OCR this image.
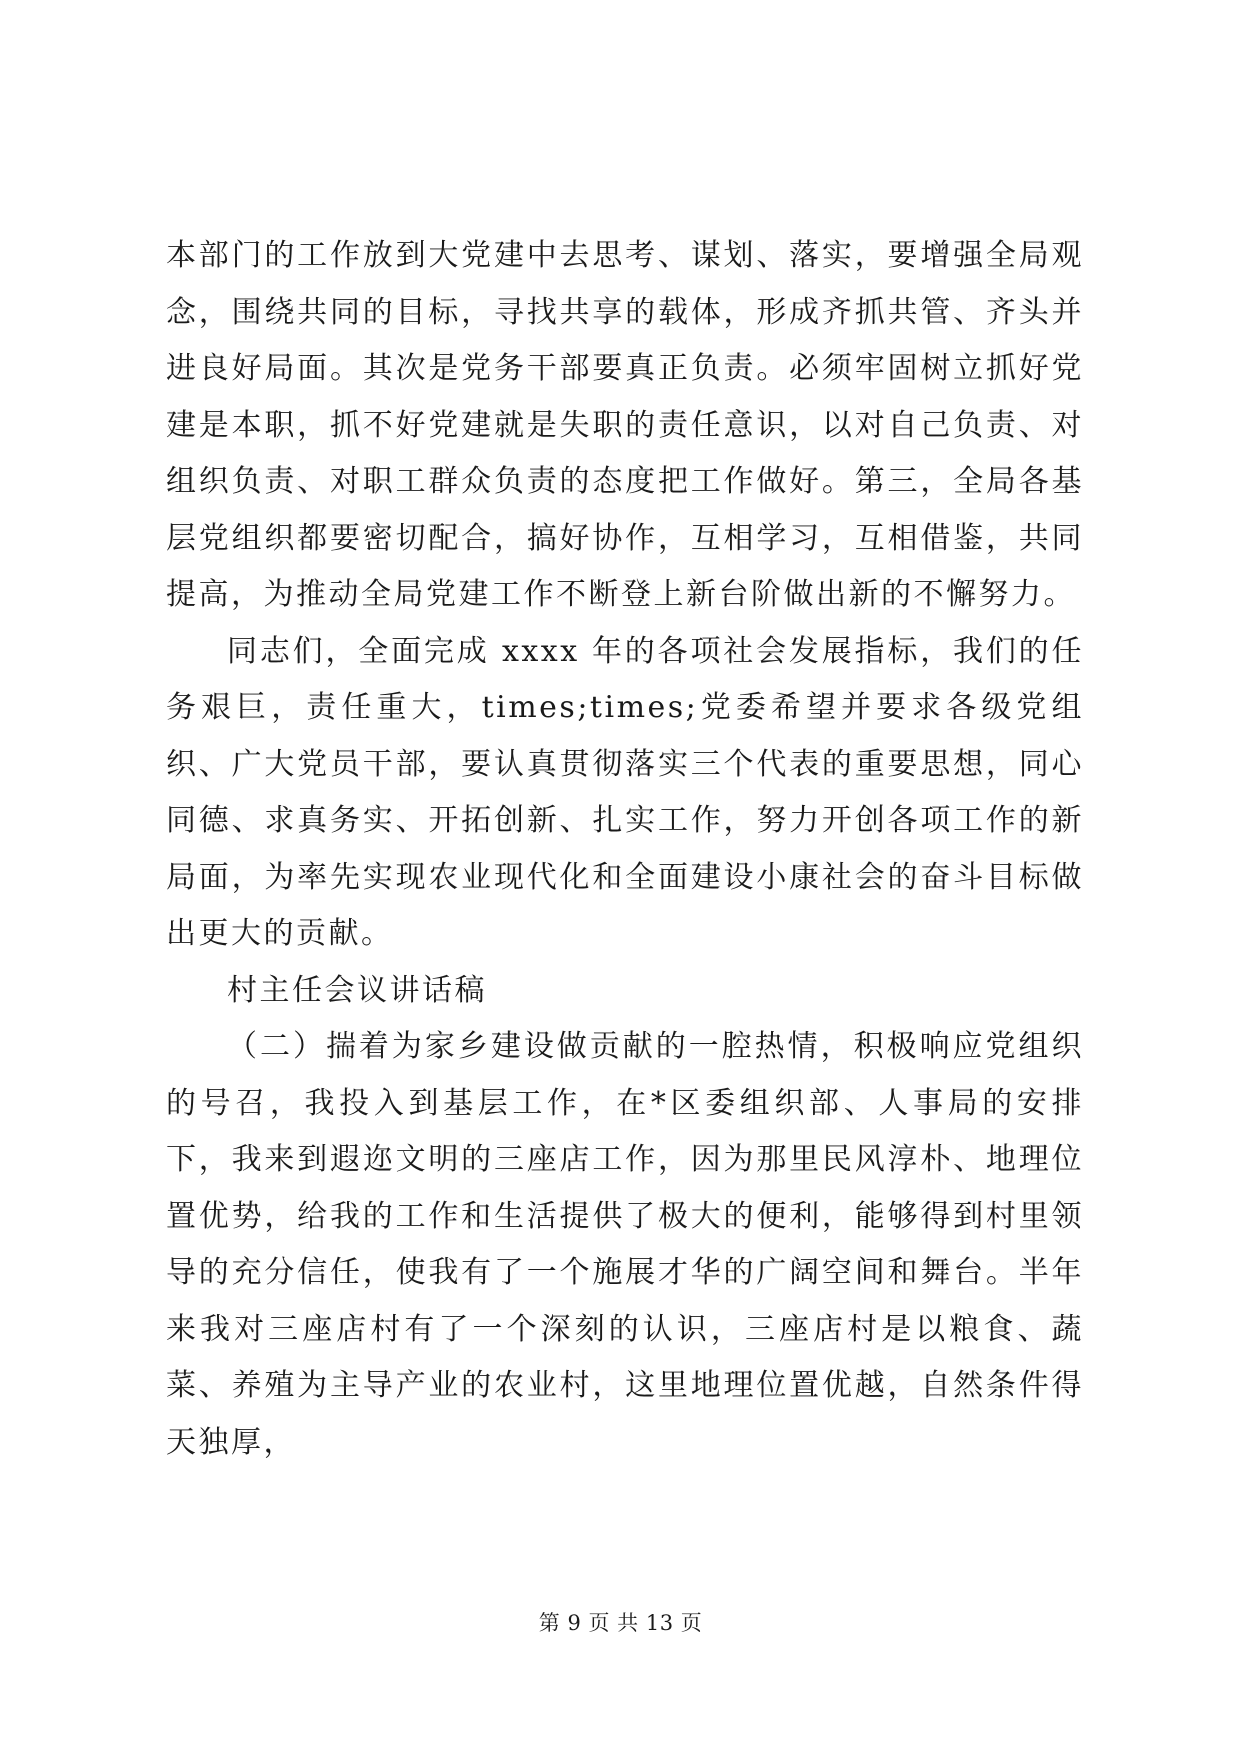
本部门的工作放到大党建中去思考、谋划、落实，要增强全局观念，围绕共同的目标，寻找共享的载体，形成齐抓共管、齐头并进良好局面。其次是党务干部要真正负责。必须牢固树立抓好党建是本职，抓不好党建就是失职的责任意识，以对自己负责、对组织负责、对职工群众负责的态度把工作做好。第三，全局各基层党组织都要密切配合，搞好协作，互相学习，互相借鉴，共同提高，为推动全局党建工作不断登上新台阶做出新的不懈努力。

同志们，全面完成 xxxx 年的各项社会发展指标，我们的任务艰巨，责任重大，times;times;党委希望并要求各级党组织、广大党员干部，要认真贯彻落实三个代表的重要思想，同心同德、求真务实、开拓创新、扎实工作，努力开创各项工作的新局面，为率先实现农业现代化和全面建设小康社会的奋斗目标做出更大的贡献。

村主任会议讲话稿

（二）揣着为家乡建设做贡献的一腔热情，积极响应党组织的号召，我投入到基层工作，在*区委组织部、人事局的安排下，我来到遐迩文明的三座店工作，因为那里民风淳朴、地理位置优势，给我的工作和生活提供了极大的便利，能够得到村里领导的充分信任，使我有了一个施展才华的广阔空间和舞台。半年来我对三座店村有了一个深刻的认识，三座店村是以粮食、蔬菜、养殖为主导产业的农业村，这里地理位置优越，自然条件得天独厚，

第 9 页 共 13 页
